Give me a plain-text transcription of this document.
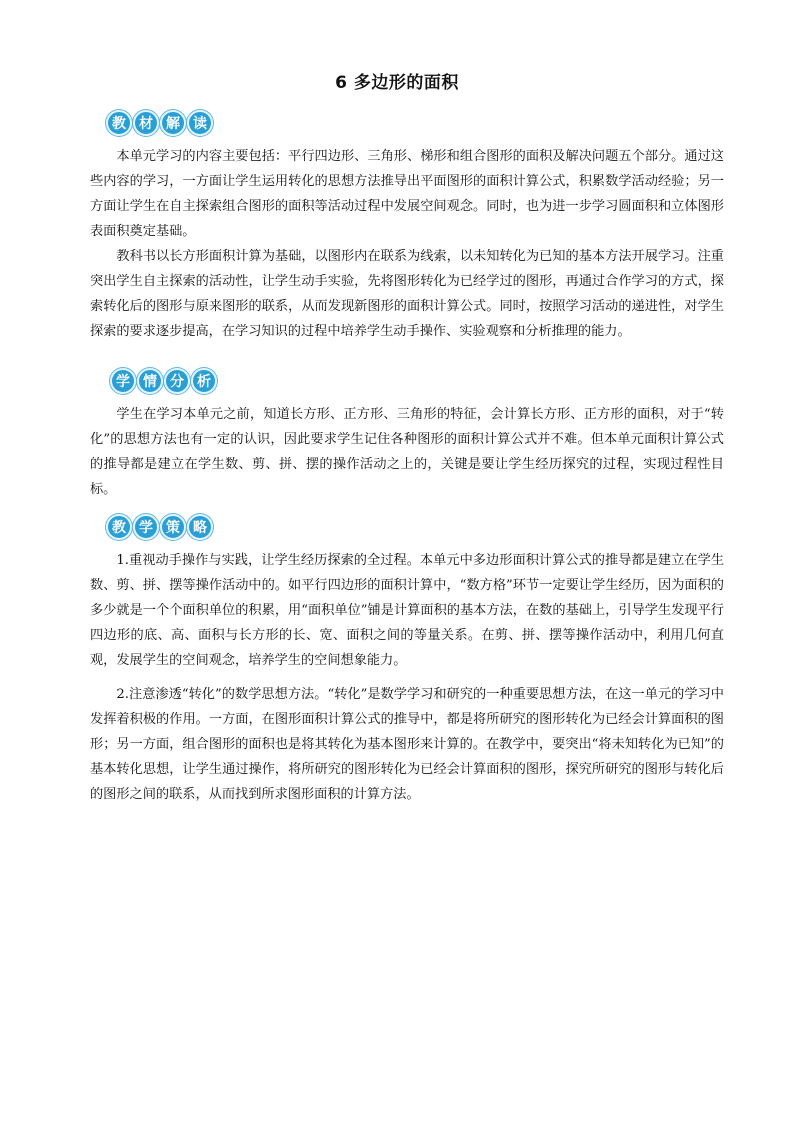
6 多边形的面积
教 材 解 读

本单元学习的内容主要包括：平行四边形、三角形、梯形和组合图形的面积及解决问题五个部分。通过这些内容的学习，一方面让学生运用转化的思想方法推导出平面图形的面积计算公式，积累数学活动经验；另一方面让学生在自主探索组合图形的面积等活动过程中发展空间观念。同时，也为进一步学习圆面积和立体图形表面积奠定基础。

教科书以长方形面积计算为基础，以图形内在联系为线索，以未知转化为已知的基本方法开展学习。注重突出学生自主探索的活动性，让学生动手实验，先将图形转化为已经学过的图形，再通过合作学习的方式，探索转化后的图形与原来图形的联系，从而发现新图形的面积计算公式。同时，按照学习活动的递进性，对学生探索的要求逐步提高，在学习知识的过程中培养学生动手操作、实验观察和分析推理的能力。

学 情 分 析

学生在学习本单元之前，知道长方形、正方形、三角形的特征，会计算长方形、正方形的面积，对于“转化”的思想方法也有一定的认识，因此要求学生记住各种图形的面积计算公式并不难。但本单元面积计算公式的推导都是建立在学生数、剪、拼、摆的操作活动之上的，关键是要让学生经历探究的过程，实现过程性目标。

教 学 策 略

1.重视动手操作与实践，让学生经历探索的全过程。本单元中多边形面积计算公式的推导都是建立在学生数、剪、拼、摆等操作活动中的。如平行四边形的面积计算中，“数方格”环节一定要让学生经历，因为面积的多少就是一个个面积单位的积累，用“面积单位”铺是计算面积的基本方法，在数的基础上，引导学生发现平行四边形的底、高、面积与长方形的长、宽、面积之间的等量关系。在剪、拼、摆等操作活动中，利用几何直观，发展学生的空间观念，培养学生的空间想象能力。

2.注意渗透“转化”的数学思想方法。“转化”是数学学习和研究的一种重要思想方法，在这一单元的学习中发挥着积极的作用。一方面，在图形面积计算公式的推导中，都是将所研究的图形转化为已经会计算面积的图形；另一方面，组合图形的面积也是将其转化为基本图形来计算的。在教学中，要突出“将未知转化为已知”的基本转化思想，让学生通过操作，将所研究的图形转化为已经会计算面积的图形，探究所研究的图形与转化后的图形之间的联系，从而找到所求图形面积的计算方法。
